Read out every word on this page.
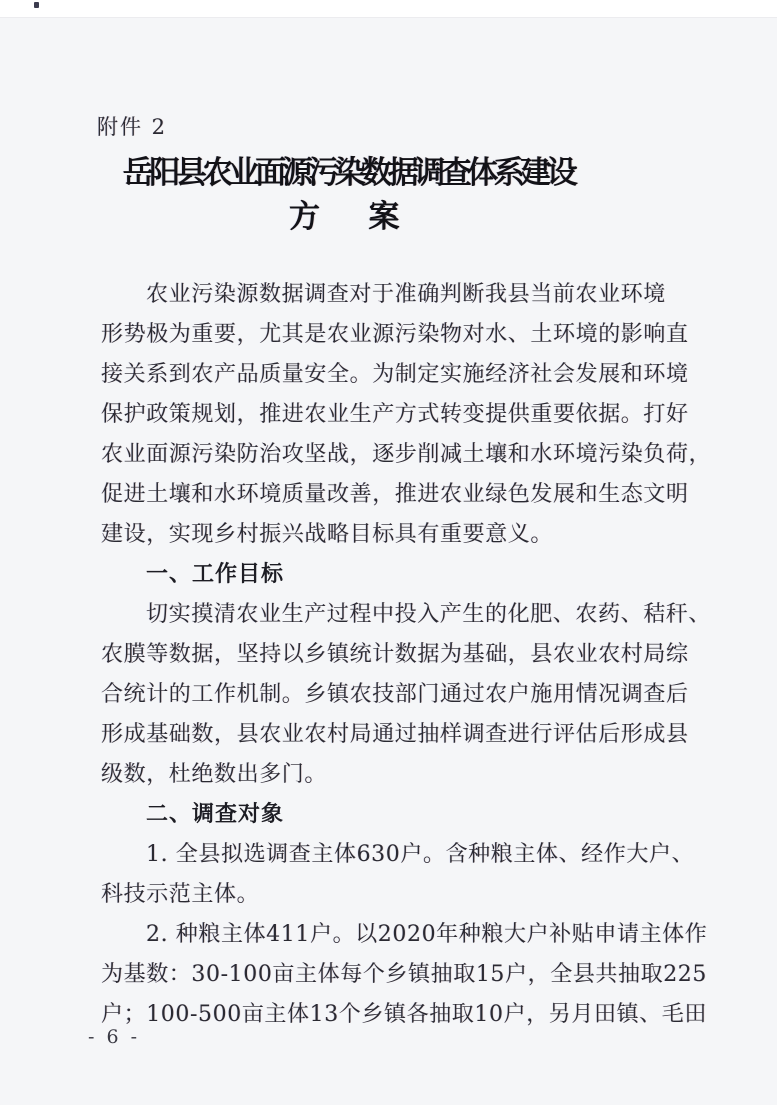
附件 2
岳阳县农业面源污染数据调查体系建设
方　　案
农业污染源数据调查对于准确判断我县当前农业环境
形势极为重要，尤其是农业源污染物对水、土环境的影响直
接关系到农产品质量安全。为制定实施经济社会发展和环境
保护政策规划，推进农业生产方式转变提供重要依据。打好
农业面源污染防治攻坚战，逐步削减土壤和水环境污染负荷，
促进土壤和水环境质量改善，推进农业绿色发展和生态文明
建设，实现乡村振兴战略目标具有重要意义。
一、工作目标
切实摸清农业生产过程中投入产生的化肥、农药、秸秆、
农膜等数据，坚持以乡镇统计数据为基础，县农业农村局综
合统计的工作机制。乡镇农技部门通过农户施用情况调查后
形成基础数，县农业农村局通过抽样调查进行评估后形成县
级数，杜绝数出多门。
二、调查对象
1. 全县拟选调查主体630户。含种粮主体、经作大户、
科技示范主体。
2. 种粮主体411户。以2020年种粮大户补贴申请主体作
为基数：30-100亩主体每个乡镇抽取15户，全县共抽取225
户；100-500亩主体13个乡镇各抽取10户，另月田镇、毛田
- 6 -
